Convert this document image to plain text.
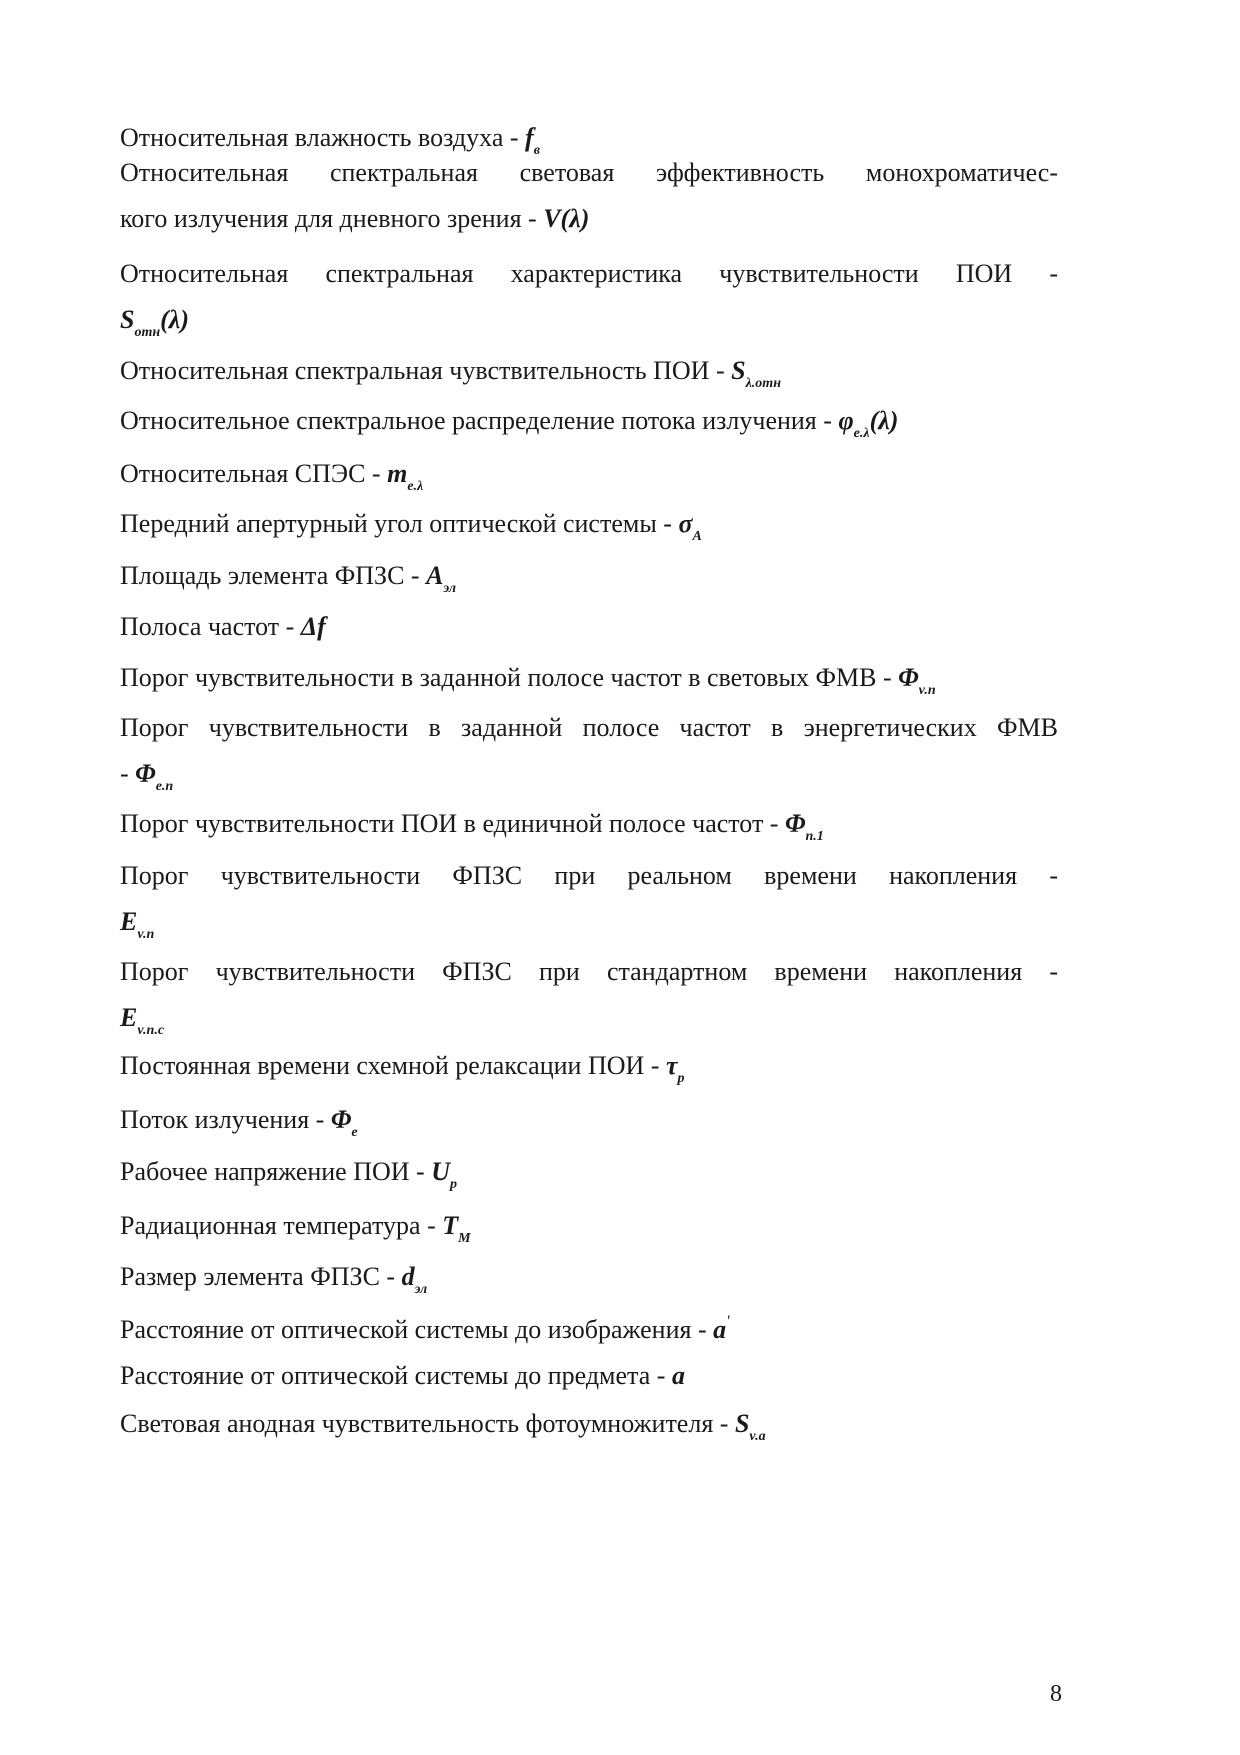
Относительная влажность воздуха - $f_в$
Относительная спектральная световая эффективность монохроматичес-
кого излучения для дневного зрения - V(λ)
Относительная спектральная характеристика чувствительности ПОИ -
$S_{отн}(\lambda)$
Относительная спектральная чувствительность ПОИ - $S_{\lambda.отн}$
Относительное спектральное распределение потока излучения - $\varphi_{e.\lambda}(\lambda)$
Относительная СПЭС - $m_{e.\lambda}$
Передний апертурный угол оптической системы - $\sigma_A$
Площадь элемента ФПЗС - $A_{эл}$
Полоса частот - Δf
Порог чувствительности в заданной полосе частот в световых ФМВ - $\Phi_{v.п}$
Порог чувствительности в заданной полосе частот в энергетических ФМВ
- $\Phi_{e.п}$
Порог чувствительности ПОИ в единичной полосе частот - $\Phi_{п.1}$
Порог чувствительности ФПЗС при реальном времени накопления -
$E_{v.п}$
Порог чувствительности ФПЗС при стандартном времени накопления -
$E_{v.п.с}$
Постоянная времени схемной релаксации ПОИ - $\tau_p$
Поток излучения - $\Phi_e$
Рабочее напряжение ПОИ - $U_p$
Радиационная температура - $T_M$
Размер элемента ФПЗС - $d_{эл}$
Расстояние от оптической системы до изображения - a′
Расстояние от оптической системы до предмета - a
Световая анодная чувствительность фотоумножителя - $S_{v.a}$
8
